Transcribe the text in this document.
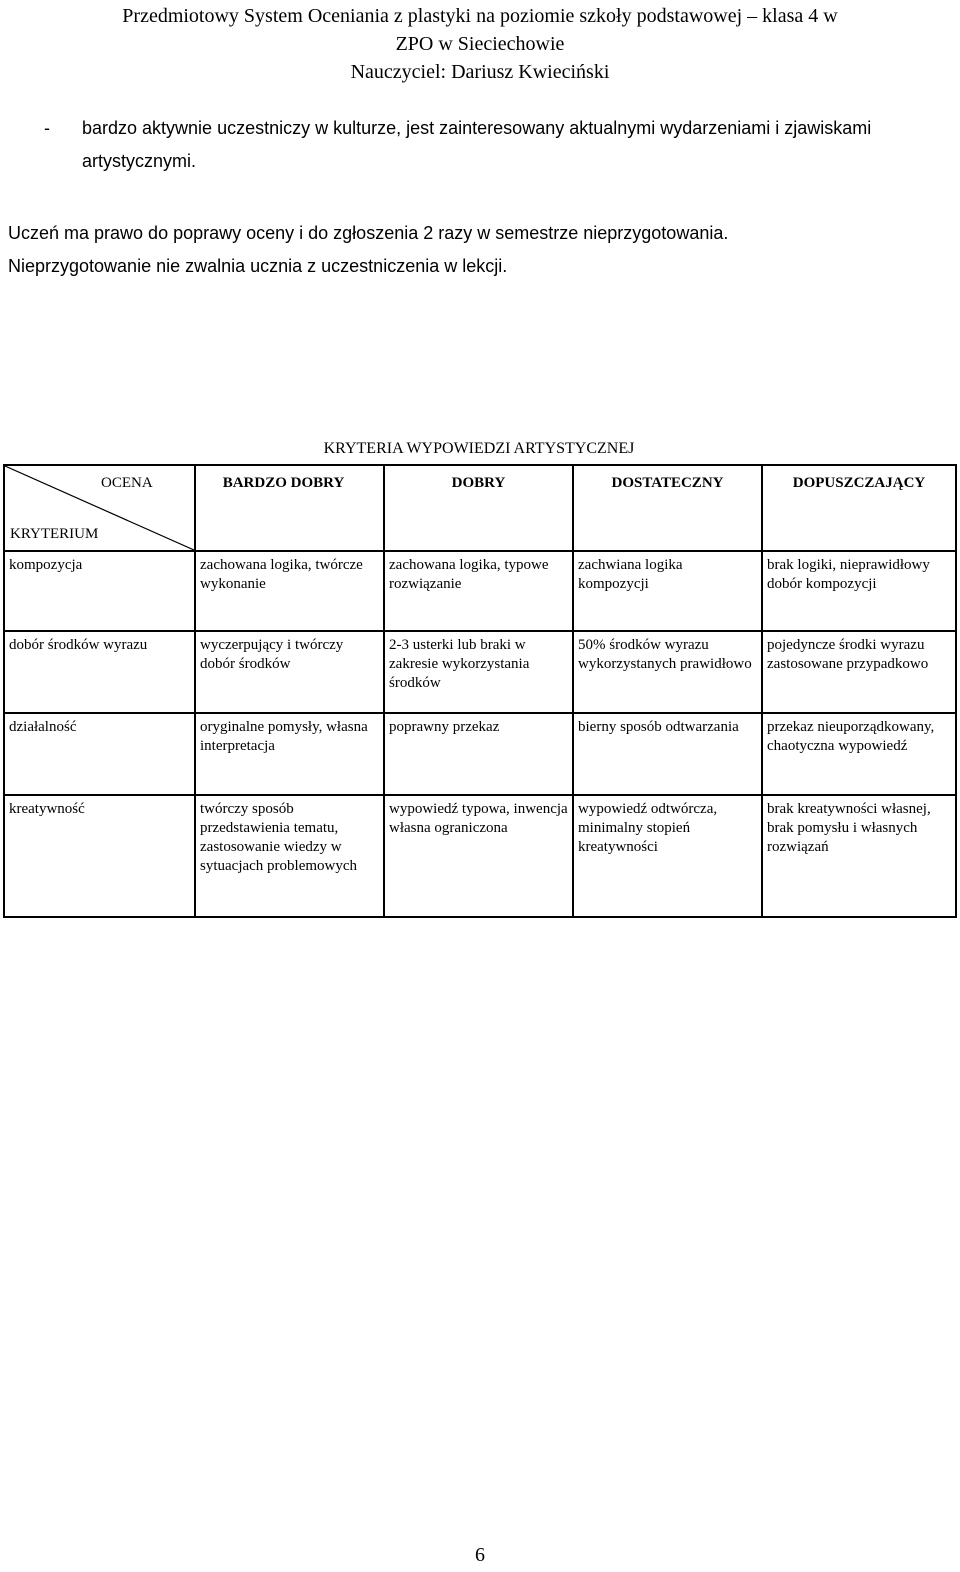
Przedmiotowy System Oceniania z plastyki na poziomie szkoły podstawowej – klasa 4 w
ZPO w Sieciechowie
Nauczyciel: Dariusz Kwieciński
- bardzo aktywnie uczestniczy w kulturze, jest zainteresowany aktualnymi wydarzeniami i zjawiskami artystycznymi.
Uczeń ma prawo do poprawy oceny i do zgłoszenia 2 razy w semestrze nieprzygotowania.
Nieprzygotowanie nie zwalnia ucznia z uczestniczenia w lekcji.
KRYTERIA WYPOWIEDZI ARTYSTYCZNEJ
OCENA
KRYTERIUM	BARDZO DOBRY	DOBRY	DOSTATECZNY	DOPUSZCZAJĄCY
kompozycja	zachowana logika, twórcze wykonanie	zachowana logika, typowe rozwiązanie	zachwiana logika kompozycji	brak logiki, nieprawidłowy dobór kompozycji
dobór środków wyrazu	wyczerpujący i twórczy dobór środków	2-3 usterki lub braki w zakresie wykorzystania środków	50% środków wyrazu wykorzystanych prawidłowo	pojedyncze środki wyrazu zastosowane przypadkowo
działalność	oryginalne pomysły, własna interpretacja	poprawny przekaz	bierny sposób odtwarzania	przekaz nieuporządkowany, chaotyczna wypowiedź
kreatywność	twórczy sposób przedstawienia tematu, zastosowanie wiedzy w sytuacjach problemowych	wypowiedź typowa, inwencja własna ograniczona	wypowiedź odtwórcza, minimalny stopień kreatywności	brak kreatywności własnej, brak pomysłu i własnych rozwiązań
6
